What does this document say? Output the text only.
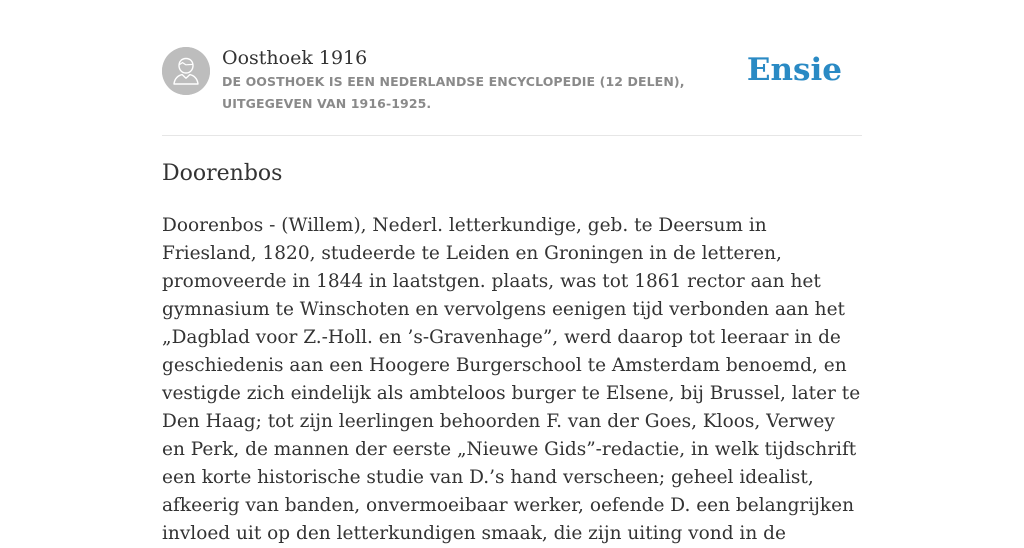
Oosthoek 1916

DE OOSTHOEK IS EEN NEDERLANDSE ENCYCLOPEDIE (12 DELEN), UITGEGEVEN VAN 1916-1925.

Ensie
Doorenbos

Doorenbos - (Willem), Nederl. letterkundige, geb. te Deersum in Friesland, 1820, studeerde te Leiden en Groningen in de letteren, promoveerde in 1844 in laatstgen. plaats, was tot 1861 rector aan het gymnasium te Winschoten en vervolgens eenigen tijd verbonden aan het „Dagblad voor Z.-Holl. en ’s-Gravenhage”, werd daarop tot leeraar in de geschiedenis aan een Hoogere Burgerschool te Amsterdam benoemd, en vestigde zich eindelijk als ambteloos burger te Elsene, bij Brussel, later te Den Haag; tot zijn leerlingen behoorden F. van der Goes, Kloos, Verwey en Perk, de mannen der eerste „Nieuwe Gids”-redactie, in welk tijdschrift een korte historische studie van D.’s hand verscheen; geheel idealist, afkeerig van banden, onvermoeibaar werker, oefende D. een belangrijken invloed uit op den letterkundigen smaak, die zijn uiting vond in de
